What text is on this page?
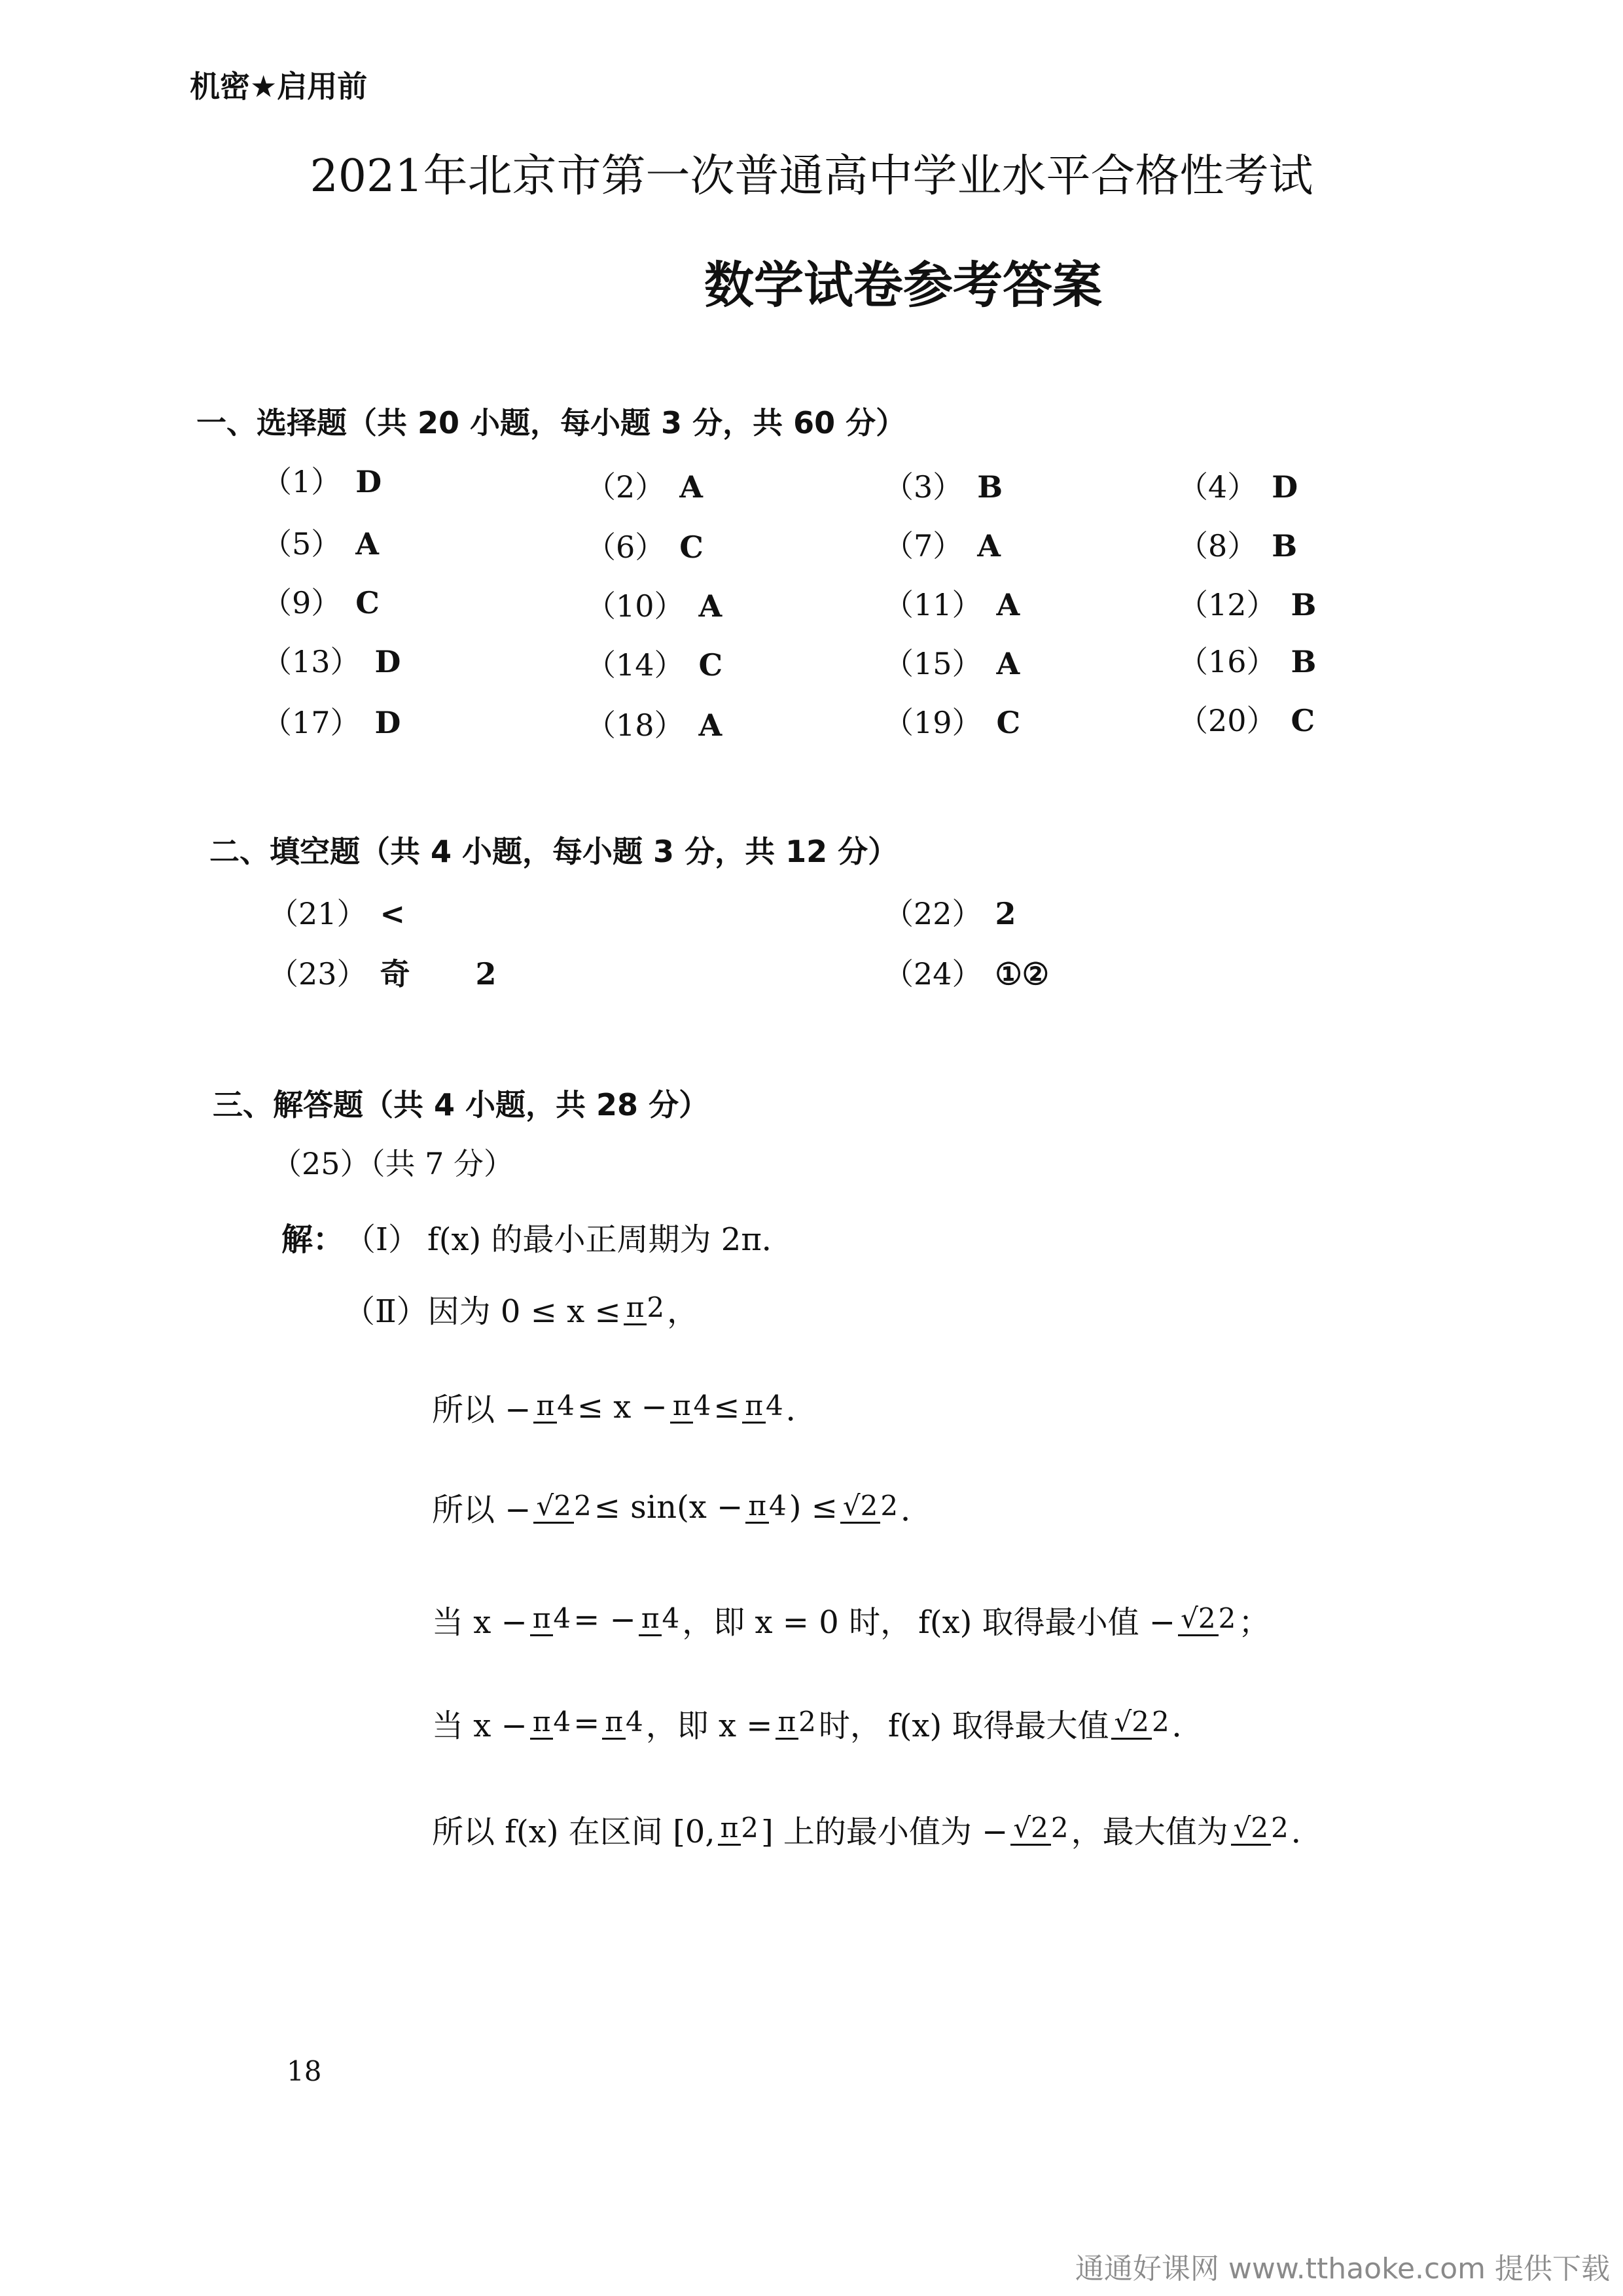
机密★启用前
2021年北京市第一次普通高中学业水平合格性考试
数学试卷参考答案
一、选择题（共 20 小题，每小题 3 分，共 60 分）
（1） D	（2） A	（3） B	（4） D
（5） A	（6） C	（7） A	（8） B
（9） C	（10） A	（11） A	（12） B
（13） D	（14） C	（15） A	（16） B
（17） D	（18） A	（19） C	（20） C
二、填空题（共 4 小题，每小题 3 分，共 12 分）
（21） <	（22） 2
（23） 奇 2	（24） ①②
三、解答题（共 4 小题，共 28 分）
（25）（共 7 分）
解： （Ⅰ） f(x) 的最小正周期为 2π．
（Ⅱ） 因为 0 ≤ x ≤ π2 ，
所以 − π4 ≤ x − π4 ≤ π4 ．
所以 − √22 ≤ sin(x − π4 ) ≤ √22 ．
当 x − π4 = − π4 ，即 x = 0 时， f(x) 取得最小值 − √22 ；
当 x − π4 = π4 ，即 x = π2 时， f(x) 取得最大值 √22 ．
所以 f(x) 在区间 [0, π2 ] 上的最小值为 − √22 ，最大值为 √22 ．
18
通通好课网 www.tthaoke.com 提供下载
